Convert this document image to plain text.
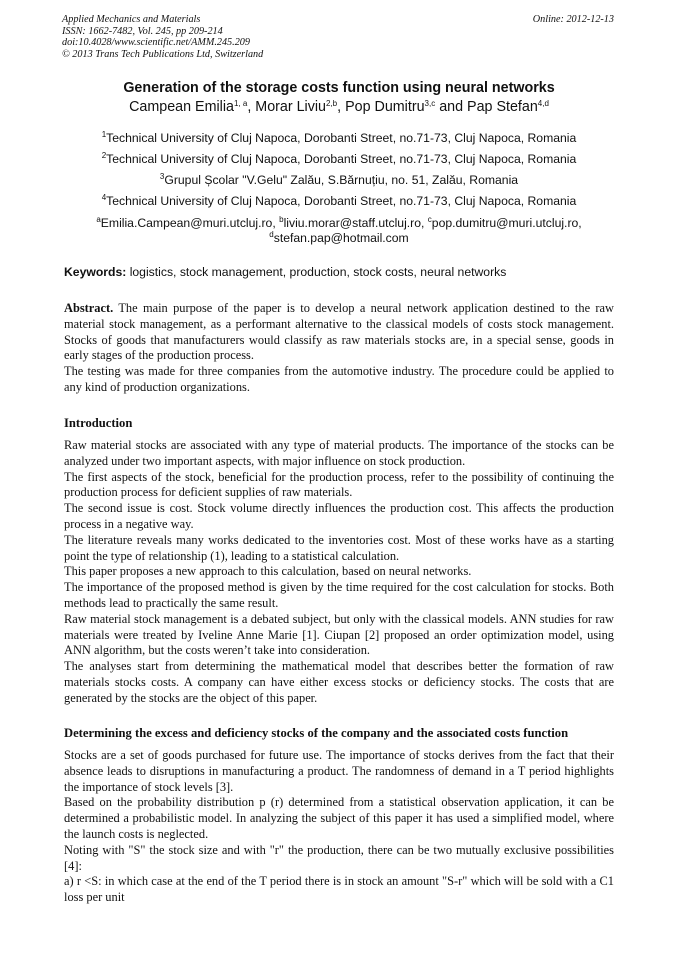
Applied Mechanics and Materials
ISSN: 1662-7482, Vol. 245, pp 209-214
doi:10.4028/www.scientific.net/AMM.245.209
© 2013 Trans Tech Publications Ltd, Switzerland
Online: 2012-12-13
Generation of the storage costs function using neural networks
Campean Emilia$^{1, a}$, Morar Liviu$^{2,b}$, Pop Dumitru$^{3,c}$ and Pap Stefan$^{4,d}$
$^1$Technical University of Cluj Napoca, Dorobanti Street, no.71-73, Cluj Napoca, Romania
$^2$Technical University of Cluj Napoca, Dorobanti Street, no.71-73, Cluj Napoca, Romania
$^3$Grupul Școlar "V.Gelu" Zalău, S.Bărnuțiu, no. 51, Zalău, Romania
$^4$Technical University of Cluj Napoca, Dorobanti Street, no.71-73, Cluj Napoca, Romania
$^a$Emilia.Campean@muri.utcluj.ro, $^b$liviu.morar@staff.utcluj.ro, $^c$pop.dumitru@muri.utcluj.ro,
$^d$stefan.pap@hotmail.com
Keywords: logistics, stock management, production, stock costs, neural networks

Abstract. The main purpose of the paper is to develop a neural network application destined to the raw material stock management, as a performant alternative to the classical models of costs stock management. Stocks of goods that manufacturers would classify as raw materials stocks are, in a special sense, goods in early stages of the production process.

The testing was made for three companies from the automotive industry. The procedure could be applied to any kind of production organizations.

Introduction

Raw material stocks are associated with any type of material products. The importance of the stocks can be analyzed under two important aspects, with major influence on stock production.

The first aspects of the stock, beneficial for the production process, refer to the possibility of continuing the production process for deficient supplies of raw materials.

The second issue is cost. Stock volume directly influences the production cost. This affects the production process in a negative way.

The literature reveals many works dedicated to the inventories cost. Most of these works have as a starting point the type of relationship (1), leading to a statistical calculation.

This paper proposes a new approach to this calculation, based on neural networks.

The importance of the proposed method is given by the time required for the cost calculation for stocks. Both methods lead to practically the same result.

Raw material stock management is a debated subject, but only with the classical models. ANN studies for raw materials were treated by Iveline Anne Marie [1]. Ciupan [2] proposed an order optimization model, using ANN algorithm, but the costs weren’t take into consideration.

The analyses start from determining the mathematical model that describes better the formation of raw materials stocks costs. A company can have either excess stocks or deficiency stocks. The costs that are generated by the stocks are the object of this paper.

Determining the excess and deficiency stocks of the company and the associated costs function

Stocks are a set of goods purchased for future use. The importance of stocks derives from the fact that their absence leads to disruptions in manufacturing a product. The randomness of demand in a T period highlights the importance of stock levels [3].

Based on the probability distribution p (r) determined from a statistical observation application, it can be determined a probabilistic model. In analyzing the subject of this paper it has used a simplified model, where the launch costs is neglected.

Noting with "S" the stock size and with "r" the production, there can be two mutually exclusive possibilities [4]:

a) r <S: in which case at the end of the T period there is in stock an amount "S-r" which will be sold with a C1 loss per unit
